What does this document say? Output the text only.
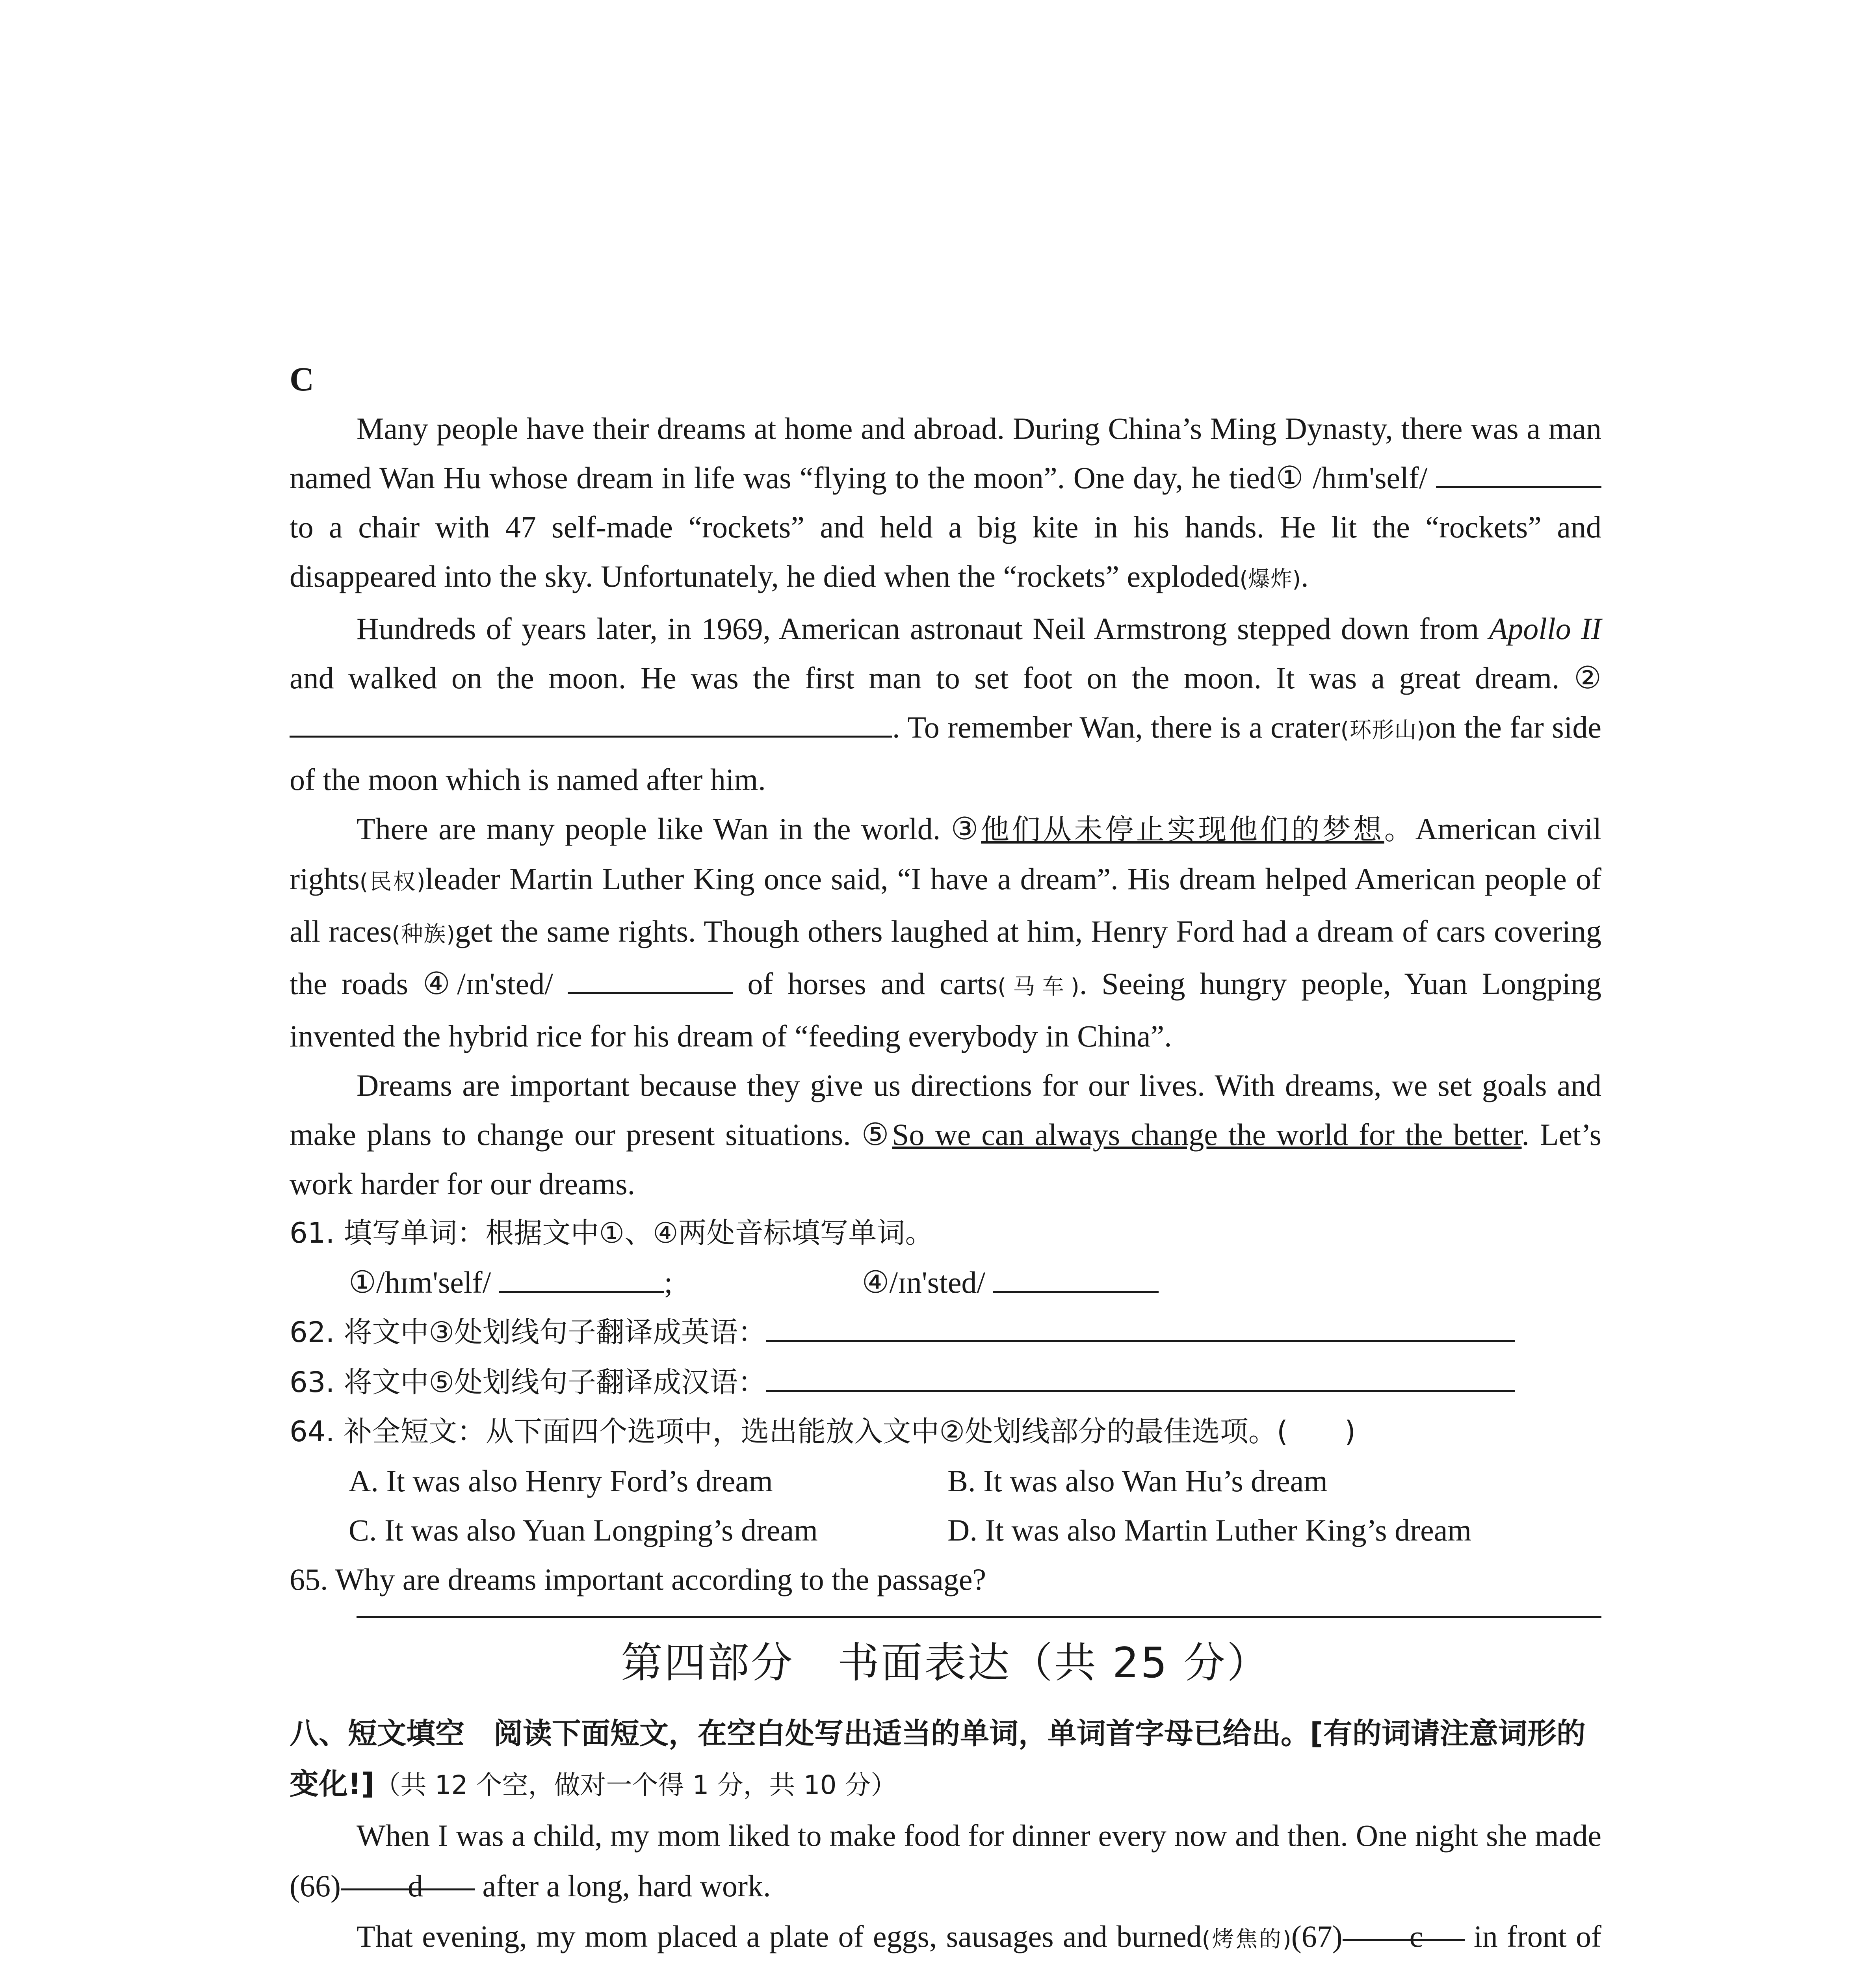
C

Many people have their dreams at home and abroad. During China’s Ming Dynasty, there was a man named Wan Hu whose dream in life was “flying to the moon”. One day, he tied① /hɪm'self/  to a chair with 47 self-made “rockets” and held a big kite in his hands. He lit the “rockets” and disappeared into the sky. Unfortunately, he died when the “rockets” exploded(爆炸).

Hundreds of years later, in 1969, American astronaut Neil Armstrong stepped down from Apollo II and walked on the moon. He was the first man to set foot on the moon. It was a great dream. ②. To remember Wan, there is a crater(环形山)on the far side of the moon which is named after him.

There are many people like Wan in the world. ③他们从未停止实现他们的梦想。American civil rights(民权)leader Martin Luther King once said, “I have a dream”. His dream helped American people of all races(种族)get the same rights. Though others laughed at him, Henry Ford had a dream of cars covering the roads ④/ɪn'sted/	of horses and carts(马车). Seeing hungry people, Yuan Longping invented the hybrid rice for his dream of “feeding everybody in China”.

Dreams are important because they give us directions for our lives. With dreams, we set goals and make plans to change our present situations. ⑤So we can always change the world for the better. Let’s work harder for our dreams.

61. 填写单词：根据文中①、④两处音标填写单词。

①/hɪm'self/	;	④/ɪn'sted/

62. 将文中③处划线句子翻译成英语：

63. 将文中⑤处划线句子翻译成汉语：

64. 补全短文：从下面四个选项中，选出能放入文中②处划线部分的最佳选项。(　　)

A. It was also Henry Ford’s dream	B. It was also Wan Hu’s dream
C. It was also Yuan Longping’s dream	D. It was also Martin Luther King’s dream

65. Why are dreams important according to the passage?

第四部分　书面表达（共 25 分）
八、短文填空　阅读下面短文，在空白处写出适当的单词，单词首字母已给出。[有的词请注意词形的变化!]（共 12 个空，做对一个得 1 分，共 10 分）

When I was a child, my mom liked to make food for dinner every now and then. One night she made (66) d after a long, hard work.

That evening, my mom placed a plate of eggs, sausages and burned(烤焦的)(67) c in front of
